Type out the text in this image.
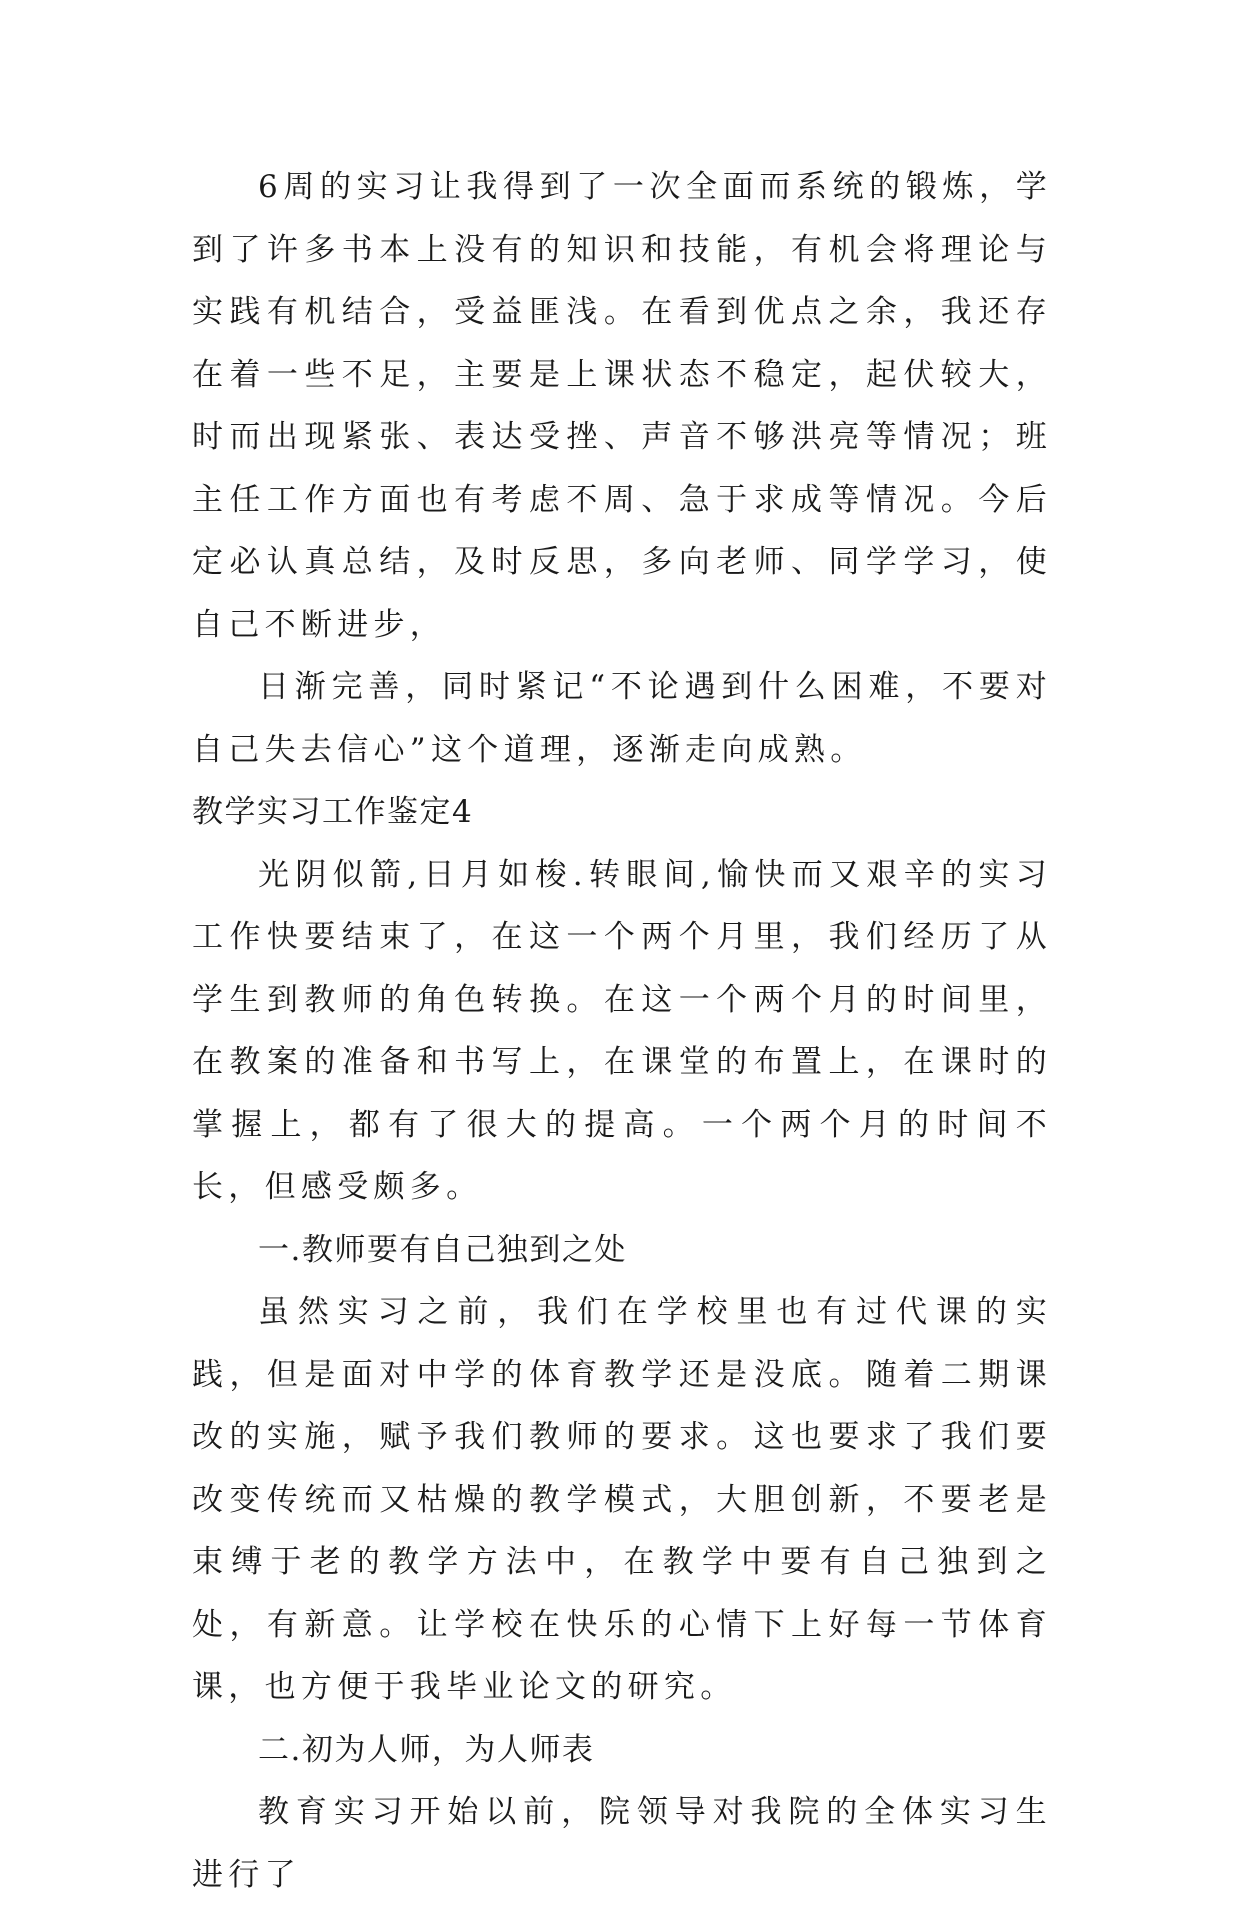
6周的实习让我得到了一次全面而系统的锻炼，学到了许多书本上没有的知识和技能，有机会将理论与实践有机结合，受益匪浅。在看到优点之余，我还存在着一些不足，主要是上课状态不稳定，起伏较大，时而出现紧张、表达受挫、声音不够洪亮等情况；班主任工作方面也有考虑不周、急于求成等情况。今后定必认真总结，及时反思，多向老师、同学学习，使自己不断进步，

日渐完善，同时紧记“不论遇到什么困难，不要对自己失去信心”这个道理，逐渐走向成熟。

教学实习工作鉴定4

光阴似箭,日月如梭.转眼间,愉快而又艰辛的实习工作快要结束了，在这一个两个月里，我们经历了从学生到教师的角色转换。在这一个两个月的时间里，在教案的准备和书写上，在课堂的布置上，在课时的掌握上，都有了很大的提高。一个两个月的时间不长，但感受颇多。

一.教师要有自己独到之处

虽然实习之前，我们在学校里也有过代课的实践，但是面对中学的体育教学还是没底。随着二期课改的实施，赋予我们教师的要求。这也要求了我们要改变传统而又枯燥的教学模式，大胆创新，不要老是束缚于老的教学方法中，在教学中要有自己独到之处，有新意。让学校在快乐的心情下上好每一节体育课，也方便于我毕业论文的研究。

二.初为人师，为人师表

教育实习开始以前，院领导对我院的全体实习生进行了
